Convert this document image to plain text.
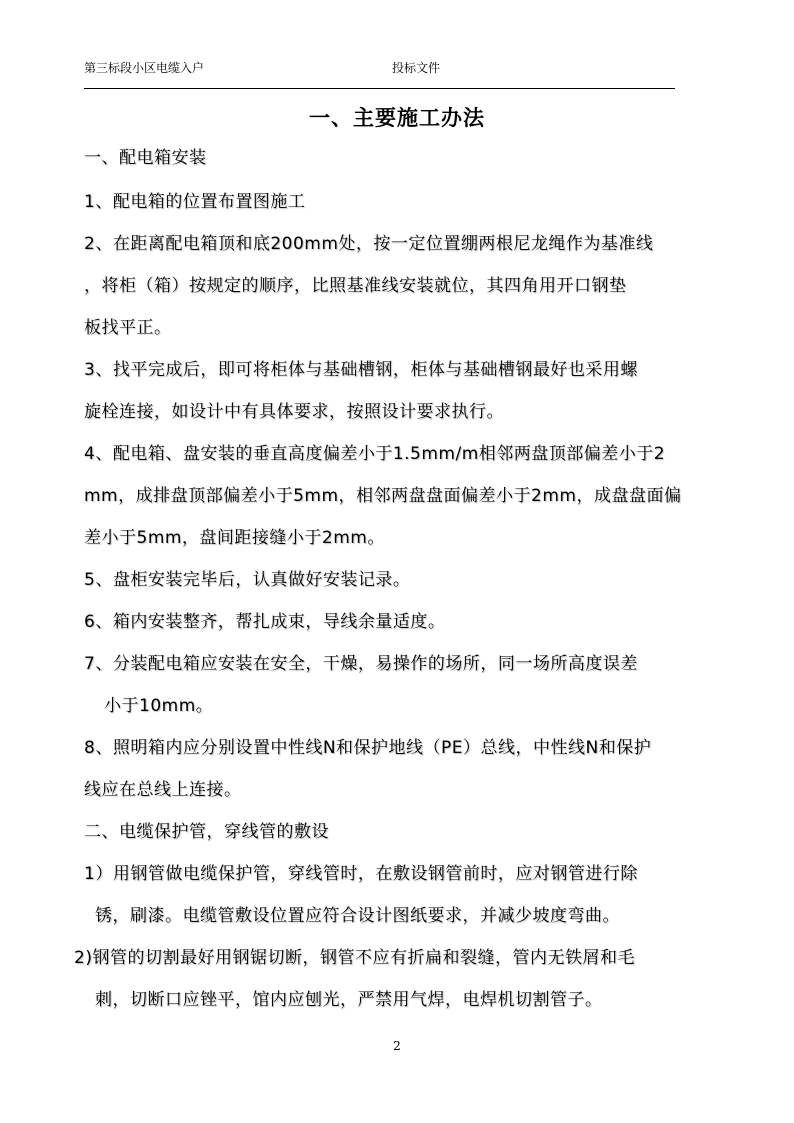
第三标段小区电缆入户	投标文件
一、主要施工办法
一、配电箱安装
1、配电箱的位置布置图施工
2、在距离配电箱顶和底200mm处，按一定位置绷两根尼龙绳作为基准线
，将柜（箱）按规定的顺序，比照基准线安装就位，其四角用开口钢垫
板找平正。
3、找平完成后，即可将柜体与基础槽钢，柜体与基础槽钢最好也采用螺
旋栓连接，如设计中有具体要求，按照设计要求执行。
4、配电箱、盘安装的垂直高度偏差小于1.5mm/m相邻两盘顶部偏差小于2
mm，成排盘顶部偏差小于5mm，相邻两盘盘面偏差小于2mm，成盘盘面偏
差小于5mm，盘间距接缝小于2mm。
5、盘柜安装完毕后，认真做好安装记录。
6、箱内安装整齐，帮扎成束，导线余量适度。
7、分装配电箱应安装在安全，干燥，易操作的场所，同一场所高度误差
小于10mm。
8、照明箱内应分别设置中性线N和保护地线（PE）总线，中性线N和保护
线应在总线上连接。
二、电缆保护管，穿线管的敷设
1）用钢管做电缆保护管，穿线管时，在敷设钢管前时，应对钢管进行除
锈，刷漆。电缆管敷设位置应符合设计图纸要求，并减少坡度弯曲。
2)钢管的切割最好用钢锯切断，钢管不应有折扁和裂缝，管内无铁屑和毛
刺，切断口应锉平，馆内应刨光，严禁用气焊，电焊机切割管子。
2
